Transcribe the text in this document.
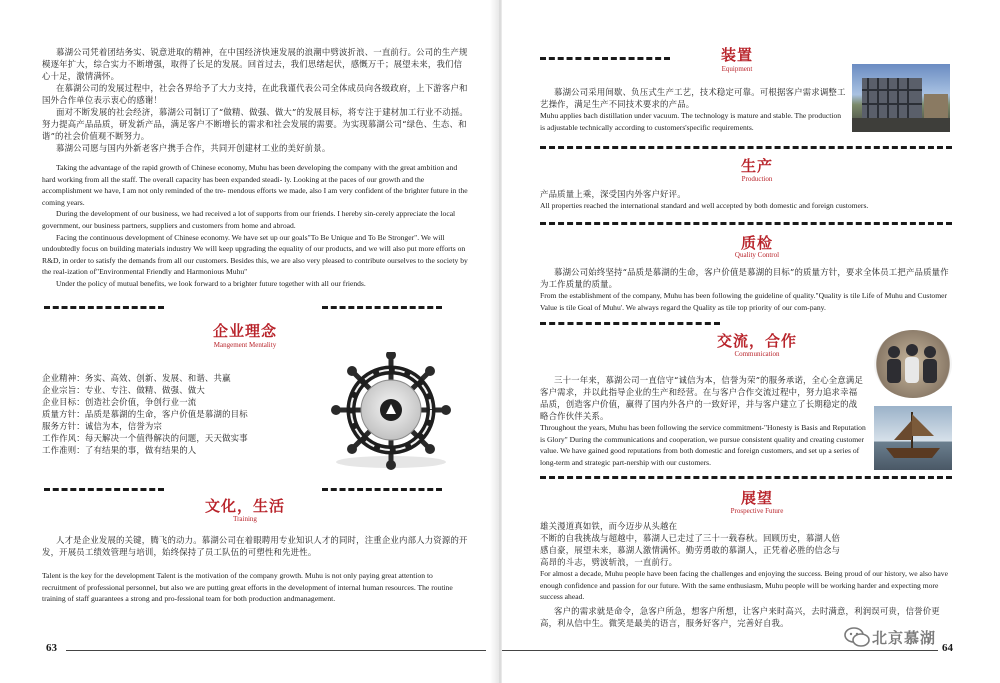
慕湖公司凭着团结务实、锐意进取的精神，在中国经济快速发展的浪潮中劈波折浪、一直前行。公司的生产规模逐年扩大，综合实力不断增强，取得了长足的发展。回首过去，我们思绪起伏，感慨万千；展望未来，我们信心十足，激情满怀。

在慕湖公司的发展过程中，社会各界给予了大力支持，在此我谨代表公司全体成员向各级政府，上下游客户和国外合作单位表示衷心的感谢！

面对不断发展的社会经济，慕湖公司制订了“做精、做强、做大”的发展目标，将专注于建材加工行业不动摇。努力提高产品品质，研发新产品，满足客户不断增长的需求和社会发展的需要。为实现慕湖公司“绿色、生态、和谐”的社会价值观不断努力。

慕湖公司愿与国内外新老客户携手合作，共同开创建材工业的美好前景。

Taking the advantage of the rapid growth of Chinese economy, Muhu has been developing the company with the great ambition and hard working from all the staff. The overall capacity has been expanded steadi- ly. Looking at the paces of our growth and the accomplishment we have, I am not only reminded of the tre- mendous efforts we made, also I am very confident of the brighter future in the coming years.

During the development of our business, we had received a lot of supports from our friends. I hereby sin-cerely appreciate the local government, our business partners, suppliers and customers from home and abroad.

Facing the continuous development of Chinese economy. We have set up our goals"To Be Unique and To Be Stronger". We will undoubtedly focus on building materials industry We will keep upgrading the equality of our products, and we will also put more efforts on R&D, in order to satisfy the demands from all our customers. Besides this, we are also very pleased to contribute ourselves to the society by the real-ization of"Environmental Friendly and Harmonious Muhu"

Under the policy of mutual benefits, we look forward to a brighter future together with all our friends.

企业理念
Mangement Mentality
企业精神： 务实、高效、创新、发展、和谐、共赢
企业宗旨： 专业、专注、做精、做强、做大
企业目标： 创造社会价值，争创行业一流
质量方针： 品质是慕湖的生命，客户价值是慕湖的目标
服务方针： 诚信为本，信誉为宗
工作作风： 每天解决一个值得解决的问题，天天做实事
工作准则： 了有结果的事，做有结果的人
文化，生活
Training

人才是企业发展的关键，腾飞的动力。慕湖公司在着眼聘用专业知识人才的同时，注重企业内部人力资源的开发，开展员工绩效管理与培训，始终保持了员工队伍的可塑性和先进性。

Talent is the key for the development Talent is the motivation of the company growth. Muhu is not only paying great attention to recruitment of professional personnel, but also we are putting great efforts in the development of internal human resources. The routine training of staff guarantees a strong and pro-fessional team for both production andmanagement.

63
装置
Equipment

慕湖公司采用间歇、负压式生产工艺，技术稳定可靠。可根据客户需求调整工艺操作，满足生产不同技术要求的产品。

Muhu applies bach distillation under vacuum. The technology is mature and stable. The production is adjustable technically according to customers'specific requirements.

生产
Production

产品质量上乘，深受国内外客户好评。

All properties reached the international standard and well accepted by both domestic and foreign customers.

质检
Quality Control

慕湖公司始终坚持“品质是慕湖的生命，客户价值是慕湖的目标”的质量方针，要求全体员工把产品质量作为工作质量的质量。

From the establishment of the company, Muhu has been following the guideline of quality."Quality is tile Life of Muhu and Customer Value is tile Goal of Muhu'. We always regard the Quality as tile top priority of our com-pany.

交流，合作
Communication

三十一年来，慕湖公司一直信守“诚信为本，信誉为荣”的服务承诺，全心全意满足客户需求，并以此指导企业的生产和经营。在与客户合作交流过程中，努力追求幸福品质，创造客户价值，赢得了国内外各户的一致好评，并与客户建立了长期稳定的战略合作伙伴关系。

Throughout the years, Muhu has been following the service commitment-"Honesty is Basis and Reputation is Glory" During the communications and cooperation, we pursue consistent quality and creating customer value. We have gained good reputations from both domestic and foreign customers, and set up a series of long-term and strategic part-nership with our customers.

展望
Prospective Future

雄关漫道真如铁，而今迈步从头越在

不断的自我挑战与超越中，慕湖人已走过了三十一载春秋。回顾历史，慕湖人倍感自豪，展望未来，慕湖人激情满怀。勤劳勇敢的慕湖人，正凭着必胜的信念与高昂的斗志，劈波斩浪，一直前行。

For almost a decade, Muhu people have been facing the challenges and enjoying the success. Being proud of our history, we also have enough confidence and passion for our future. With the same enthusiasm, Muhu people will be working harder and expecting more success ahead.

客户的需求就是命令，急客户所急，想客户所想，让客户来时高兴，去时满意，利润误可贵，信誉价更高，利从信中生。微笑是最美的语言，服务好客户，完善好自我。

64
北京慕湖
